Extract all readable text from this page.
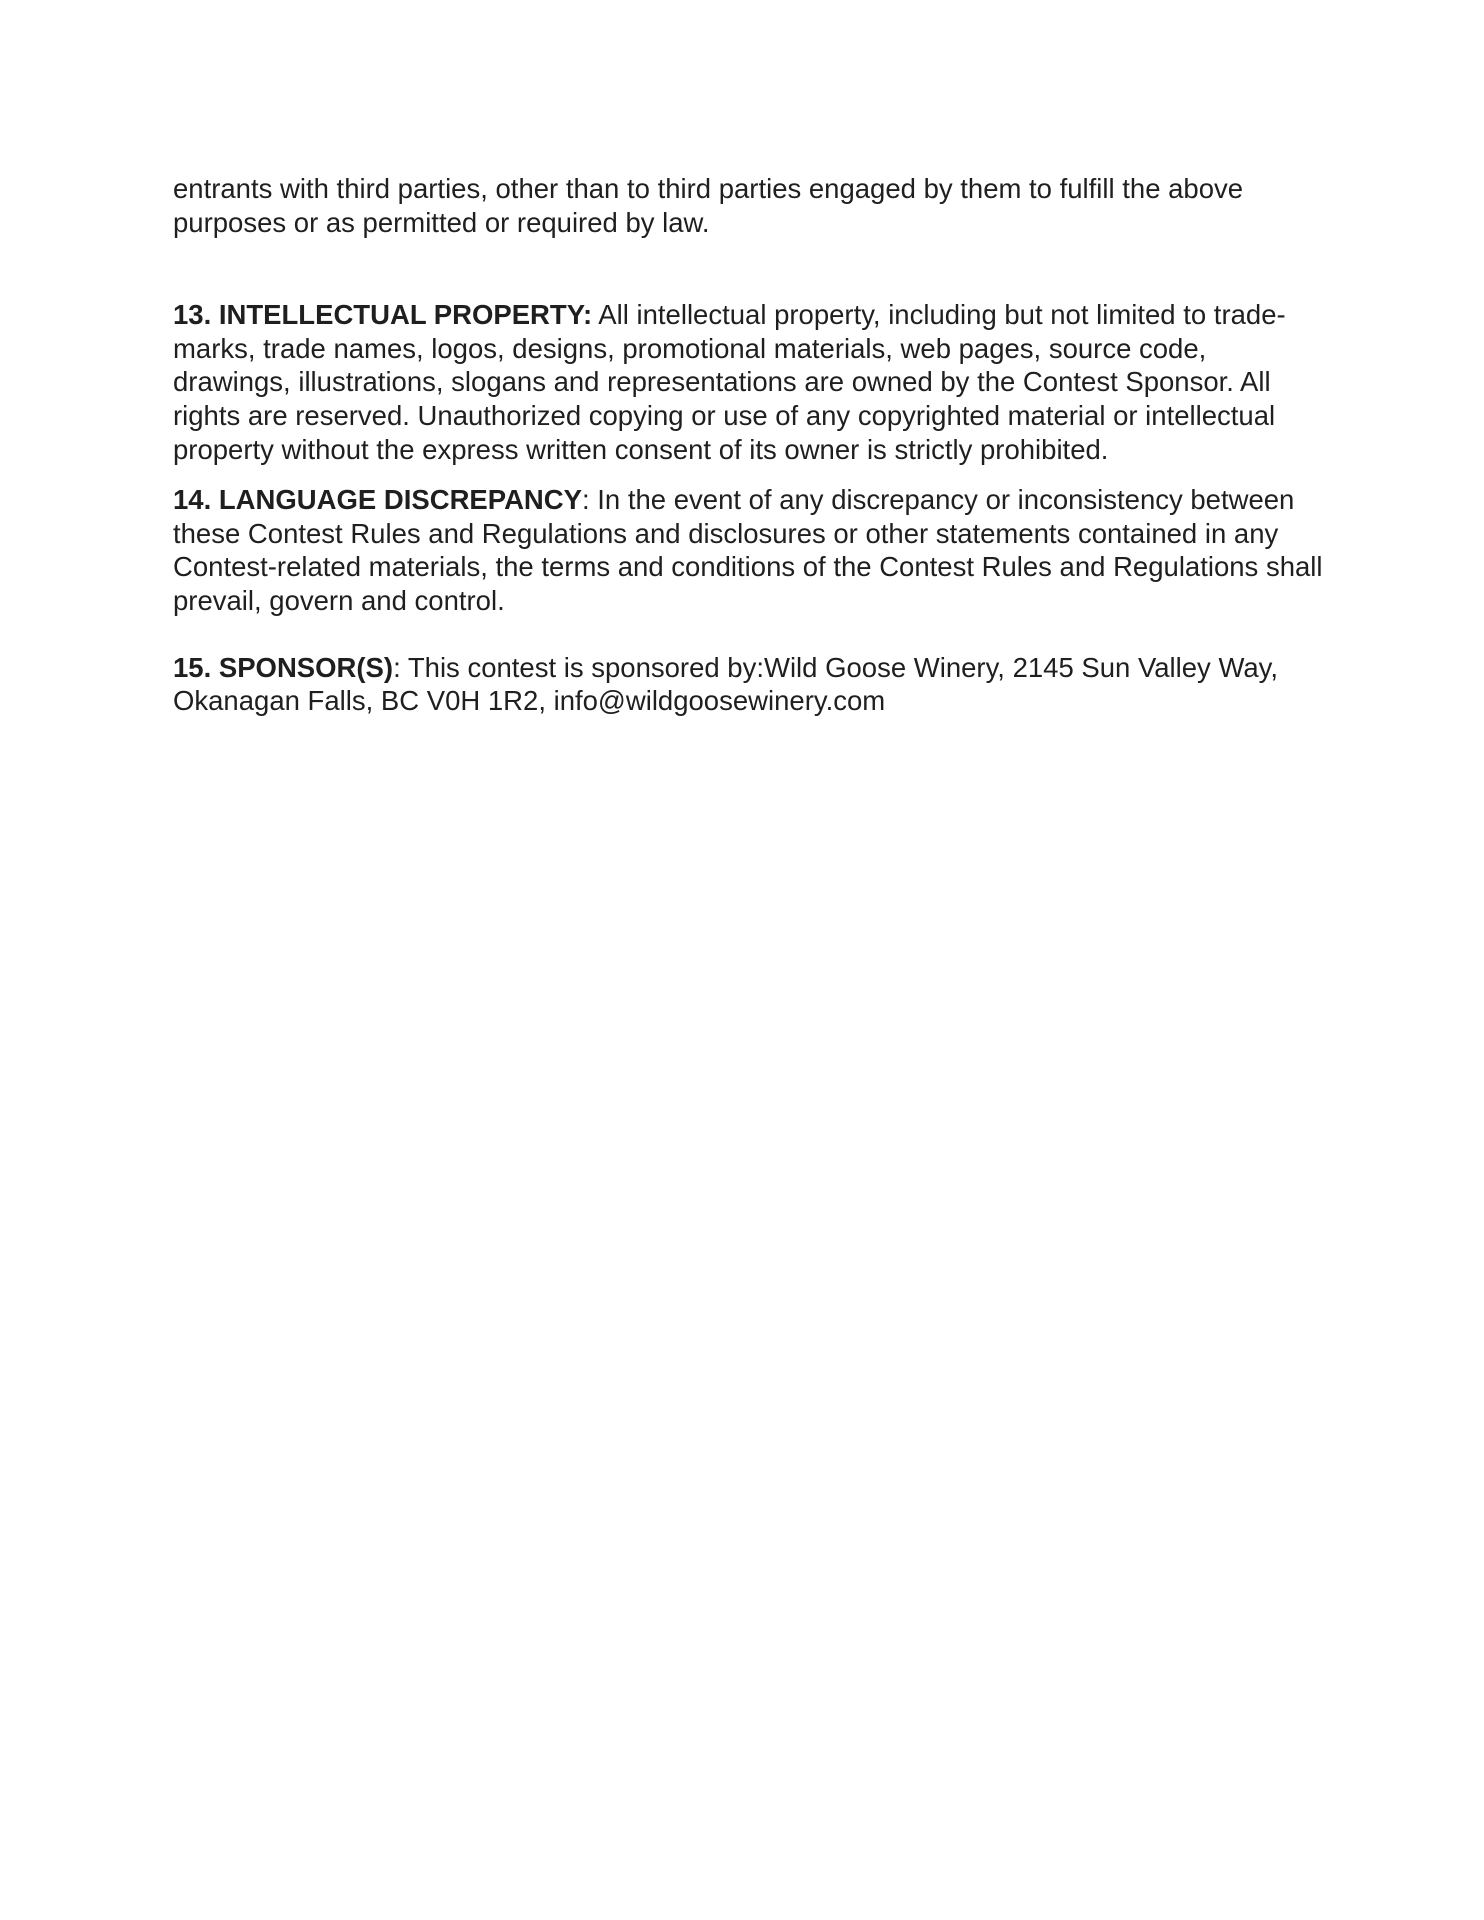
entrants with third parties, other than to third parties engaged by them to fulfill the above purposes or as permitted or required by law.

13. INTELLECTUAL PROPERTY: All intellectual property, including but not limited to trade-marks, trade names, logos, designs, promotional materials, web pages, source code, drawings, illustrations, slogans and representations are owned by the Contest Sponsor. All rights are reserved. Unauthorized copying or use of any copyrighted material or intellectual property without the express written consent of its owner is strictly prohibited.

14. LANGUAGE DISCREPANCY: In the event of any discrepancy or inconsistency between these Contest Rules and Regulations and disclosures or other statements contained in any Contest-related materials, the terms and conditions of the Contest Rules and Regulations shall prevail, govern and control.

15. SPONSOR(S): This contest is sponsored by:Wild Goose Winery, 2145 Sun Valley Way, Okanagan Falls, BC V0H 1R2, info@wildgoosewinery.com
